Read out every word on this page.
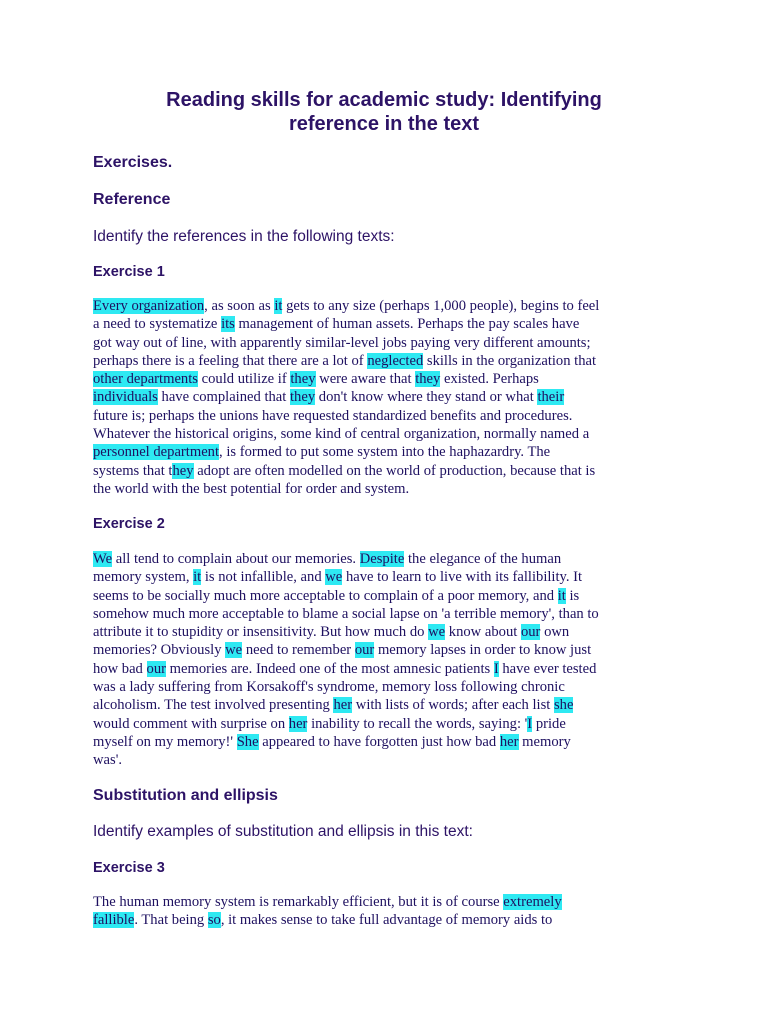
Reading skills for academic study: Identifying
reference in the text
Exercises.
Reference

Identify the references in the following texts:

Exercise 1
Every organization, as soon as it gets to any size (perhaps 1,000 people), begins to feel
a need to systematize its management of human assets. Perhaps the pay scales have
got way out of line, with apparently similar-level jobs paying very different amounts;
perhaps there is a feeling that there are a lot of neglected skills in the organization that
other departments could utilize if they were aware that they existed. Perhaps
individuals have complained that they don't know where they stand or what their
future is; perhaps the unions have requested standardized benefits and procedures.
Whatever the historical origins, some kind of central organization, normally named a
personnel department, is formed to put some system into the haphazardry. The
systems that they adopt are often modelled on the world of production, because that is
the world with the best potential for order and system.
Exercise 2
We all tend to complain about our memories. Despite the elegance of the human
memory system, it is not infallible, and we have to learn to live with its fallibility. It
seems to be socially much more acceptable to complain of a poor memory, and it is
somehow much more acceptable to blame a social lapse on 'a terrible memory', than to
attribute it to stupidity or insensitivity. But how much do we know about our own
memories? Obviously we need to remember our memory lapses in order to know just
how bad our memories are. Indeed one of the most amnesic patients I have ever tested
was a lady suffering from Korsakoff's syndrome, memory loss following chronic
alcoholism. The test involved presenting her with lists of words; after each list she
would comment with surprise on her inability to recall the words, saying: 'I pride
myself on my memory!' She appeared to have forgotten just how bad her memory
was'.
Substitution and ellipsis

Identify examples of substitution and ellipsis in this text:

Exercise 3
The human memory system is remarkably efficient, but it is of course extremely
fallible. That being so, it makes sense to take full advantage of memory aids to
